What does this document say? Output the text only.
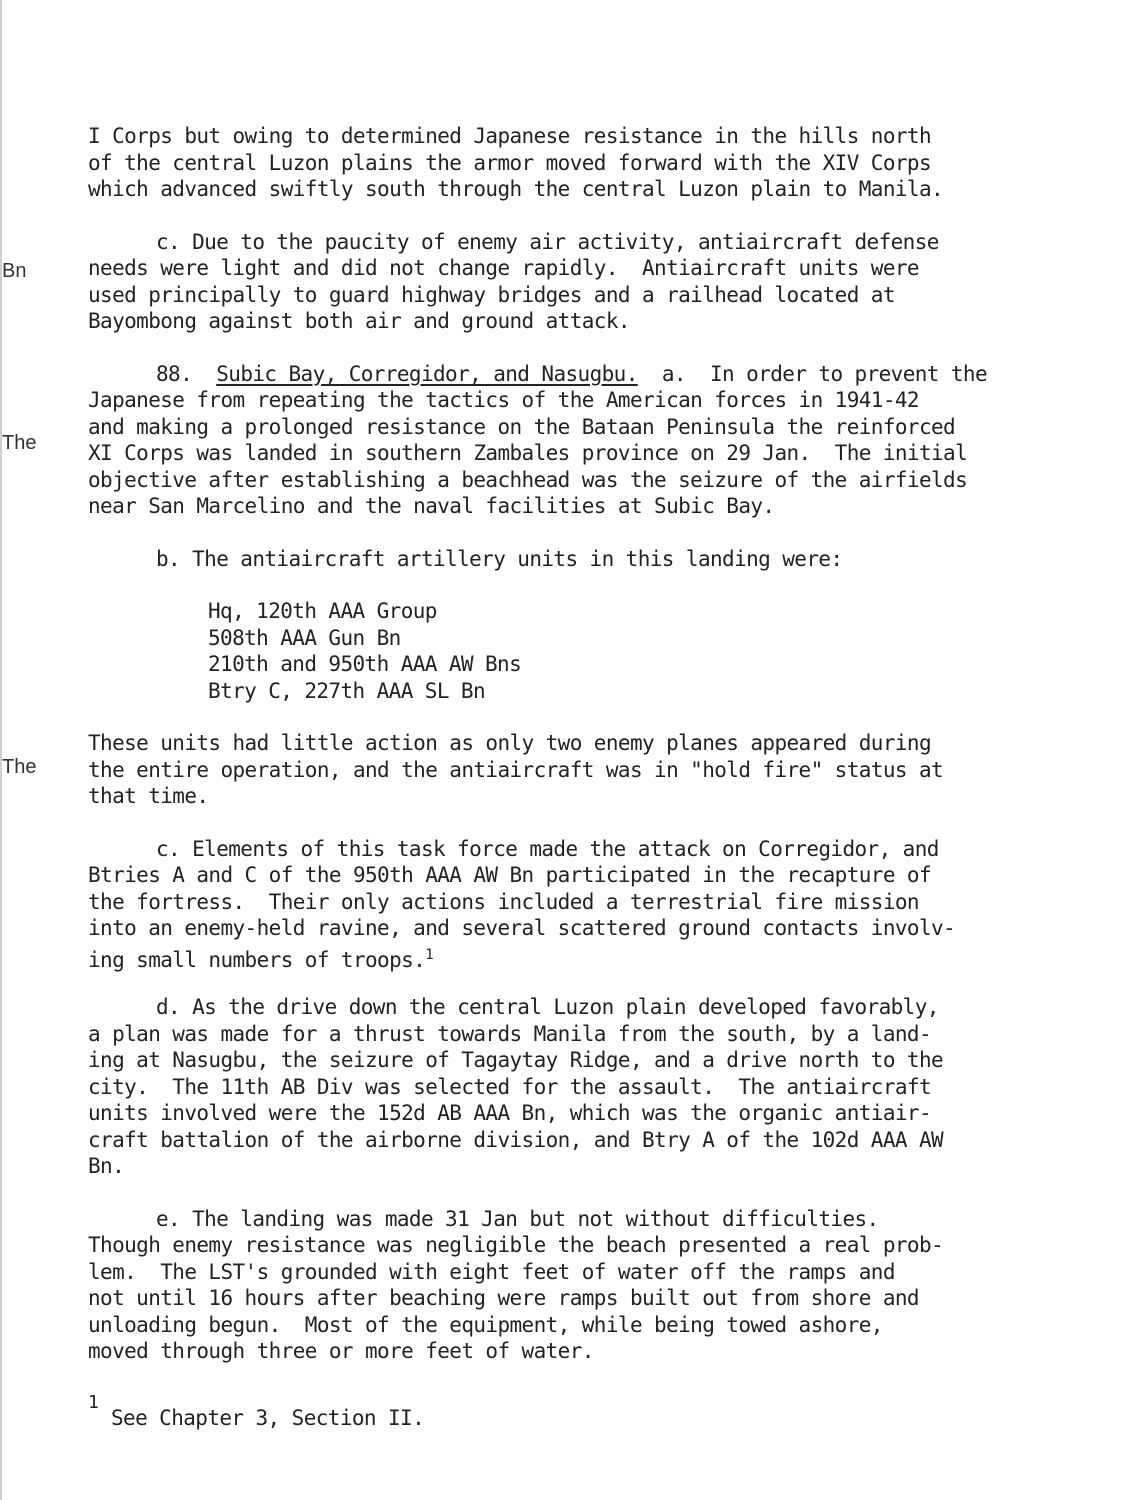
Bn
The
The
I Corps but owing to determined Japanese resistance in the hills north
of the central Luzon plains the armor moved forward with the XIV Corps
which advanced swiftly south through the central Luzon plain to Manila.
c. Due to the paucity of enemy air activity, antiaircraft defense
needs were light and did not change rapidly.  Antiaircraft units were
used principally to guard highway bridges and a railhead located at
Bayombong against both air and ground attack.
88. Subic Bay, Corregidor, and Nasugbu. a.  In order to prevent the
Japanese from repeating the tactics of the American forces in 1941-42
and making a prolonged resistance on the Bataan Peninsula the reinforced
XI Corps was landed in southern Zambales province on 29 Jan.  The initial
objective after establishing a beachhead was the seizure of the airfields
near San Marcelino and the naval facilities at Subic Bay.
b. The antiaircraft artillery units in this landing were:
Hq, 120th AAA Group
508th AAA Gun Bn
210th and 950th AAA AW Bns
Btry C, 227th AAA SL Bn
These units had little action as only two enemy planes appeared during
the entire operation, and the antiaircraft was in "hold fire" status at
that time.
c. Elements of this task force made the attack on Corregidor, and
Btries A and C of the 950th AAA AW Bn participated in the recapture of
the fortress.  Their only actions included a terrestrial fire mission
into an enemy-held ravine, and several scattered ground contacts involv-
ing small numbers of troops.$^1$
d. As the drive down the central Luzon plain developed favorably,
a plan was made for a thrust towards Manila from the south, by a land-
ing at Nasugbu, the seizure of Tagaytay Ridge, and a drive north to the
city.  The 11th AB Div was selected for the assault.  The antiaircraft
units involved were the 152d AB AAA Bn, which was the organic antiair-
craft battalion of the airborne division, and Btry A of the 102d AAA AW
Bn.
e. The landing was made 31 Jan but not without difficulties.
Though enemy resistance was negligible the beach presented a real prob-
lem.  The LST's grounded with eight feet of water off the ramps and
not until 16 hours after beaching were ramps built out from shore and
unloading begun.  Most of the equipment, while being towed ashore,
moved through three or more feet of water.
1
See Chapter 3, Section II.
